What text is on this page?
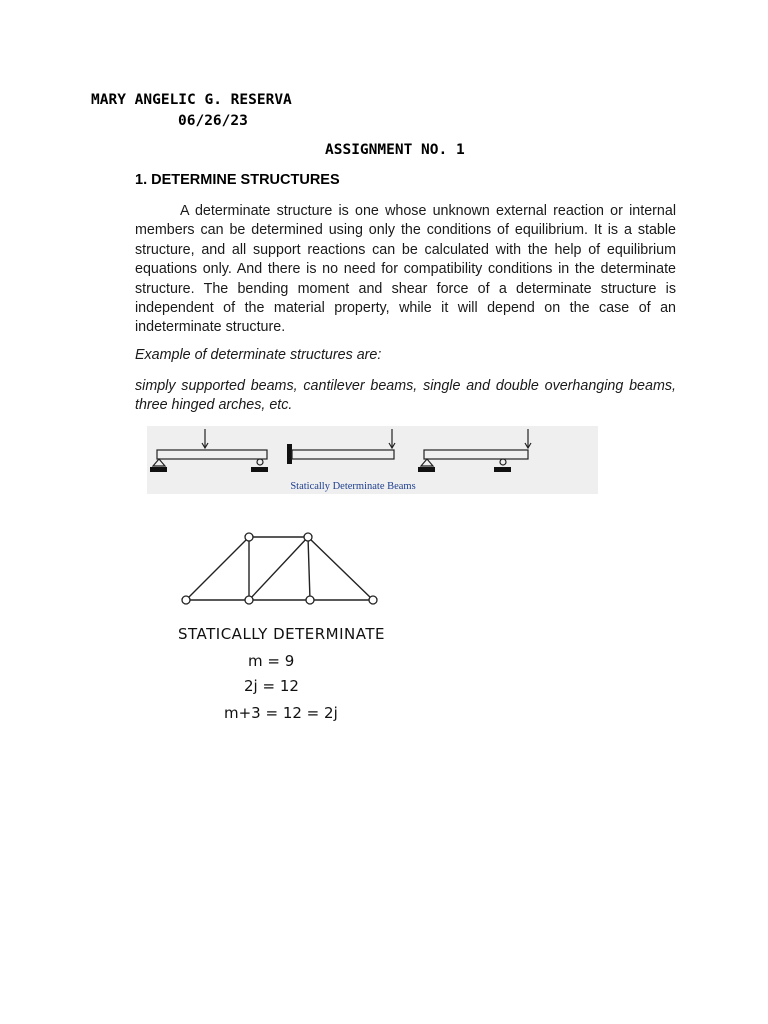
MARY ANGELIC G. RESERVA
06/26/23
ASSIGNMENT NO. 1
1. DETERMINE STRUCTURES

A determinate structure is one whose unknown external reaction or internal members can be determined using only the conditions of equilibrium. It is a stable structure, and all support reactions can be calculated with the help of equilibrium equations only. And there is no need for compatibility conditions in the determinate structure. The bending moment and shear force of a determinate structure is independent of the material property, while it will depend on the case of an indeterminate structure.

Example of determinate structures are:

simply supported beams, cantilever beams, single and double overhanging beams, three hinged arches, etc.

Statically Determinate Beams
STATICALLY DETERMINATE
m = 9
2j = 12
m+3 = 12 = 2j
